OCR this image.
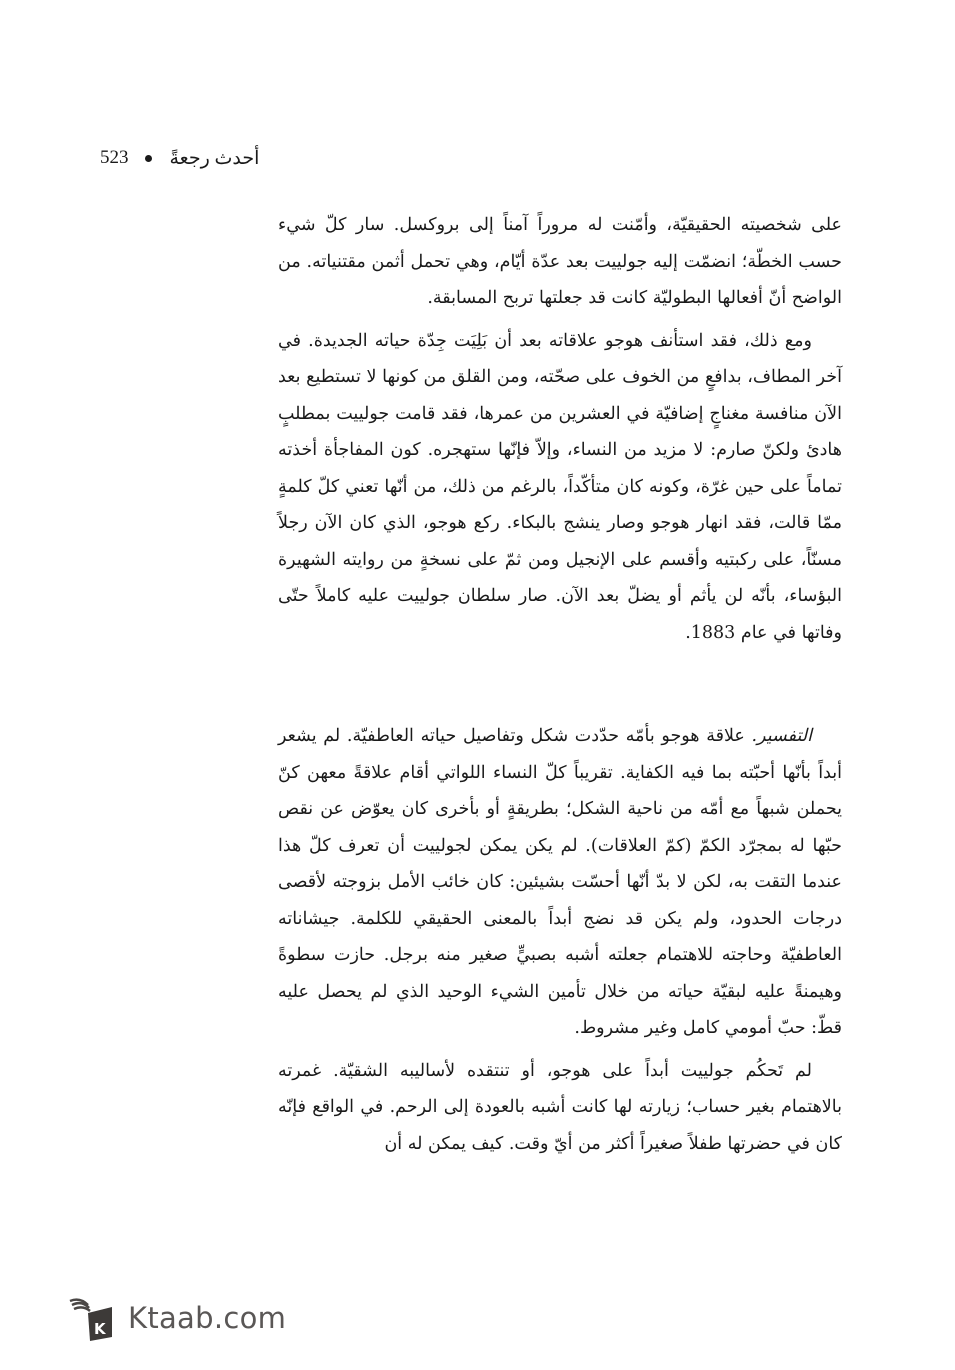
523 أحدث رجعةً

على شخصيته الحقيقيّة، وأمّنت له مروراً آمناً إلى بروكسل. سار كلّ شيء حسب الخطّة؛ انضمّت إليه جولييت بعد عدّة أيّام، وهي تحمل أثمن مقتنياته. من الواضح أنّ أفعالها البطوليّة كانت قد جعلتها تربح المسابقة.

ومع ذلك، فقد استأنف هوجو علاقاته بعد أن بَلِيَت جِدّة حياته الجديدة. في آخر المطاف، بدافعٍ من الخوف على صحّته، ومن القلق من كونها لا تستطيع بعد الآن منافسة مغناجٍ إضافيّة في العشرين من عمرها، فقد قامت جولييت بمطلبٍ هادئ ولكنّ صارم: لا مزيد من النساء، وإلاّ فإنّها ستهجره. كون المفاجأة أخذته تماماً على حين غرّة، وكونه كان متأكّداً، بالرغم من ذلك، من أنّها تعني كلّ كلمةٍ ممّا قالت، فقد انهار هوجو وصار ينشج بالبكاء. ركع هوجو، الذي كان الآن رجلاً مسنّاً، على ركبتيه وأقسم على الإنجيل ومن ثمّ على نسخةٍ من روايته الشهيرة البؤساء، بأنّه لن يأثم أو يضلّ بعد الآن. صار سلطان جولييت عليه كاملاً حتّى وفاتها في عام 1883.

التفسير. علاقة هوجو بأمّه حدّدت شكل وتفاصيل حياته العاطفيّة. لم يشعر أبداً بأنّها أحبّته بما فيه الكفاية. تقريباً كلّ النساء اللواتي أقام علاقةً معهن كنّ يحملن شبهاً مع أمّه من ناحية الشكل؛ بطريقةٍ أو بأخرى كان يعوّض عن نقص حبّها له بمجرّد الكمّ (كمّ العلاقات). لم يكن يمكن لجولييت أن تعرف كلّ هذا عندما التقت به، لكن لا بدّ أنّها أحسّت بشيئين: كان خائب الأمل بزوجته لأقصى درجات الحدود، ولم يكن قد نضج أبداً بالمعنى الحقيقي للكلمة. جيشاناته العاطفيّة وحاجته للاهتمام جعلته أشبه بصبيٍّ صغير منه برجل. حازت سطوةً وهيمنةً عليه لبقيّة حياته من خلال تأمين الشيء الوحيد الذي لم يحصل عليه قطّ: حبّ أمومي كامل وغير مشروط.

لم تَحكُم جولييت أبداً على هوجو، أو تنتقده لأساليبه الشقيّة. غمرته بالاهتمام بغير حساب؛ زيارته لها كانت أشبه بالعودة إلى الرحم. في الواقع فإنّه كان في حضرتها طفلاً صغيراً أكثر من أيّ وقت. كيف يمكن له أن

K Ktaab.com
